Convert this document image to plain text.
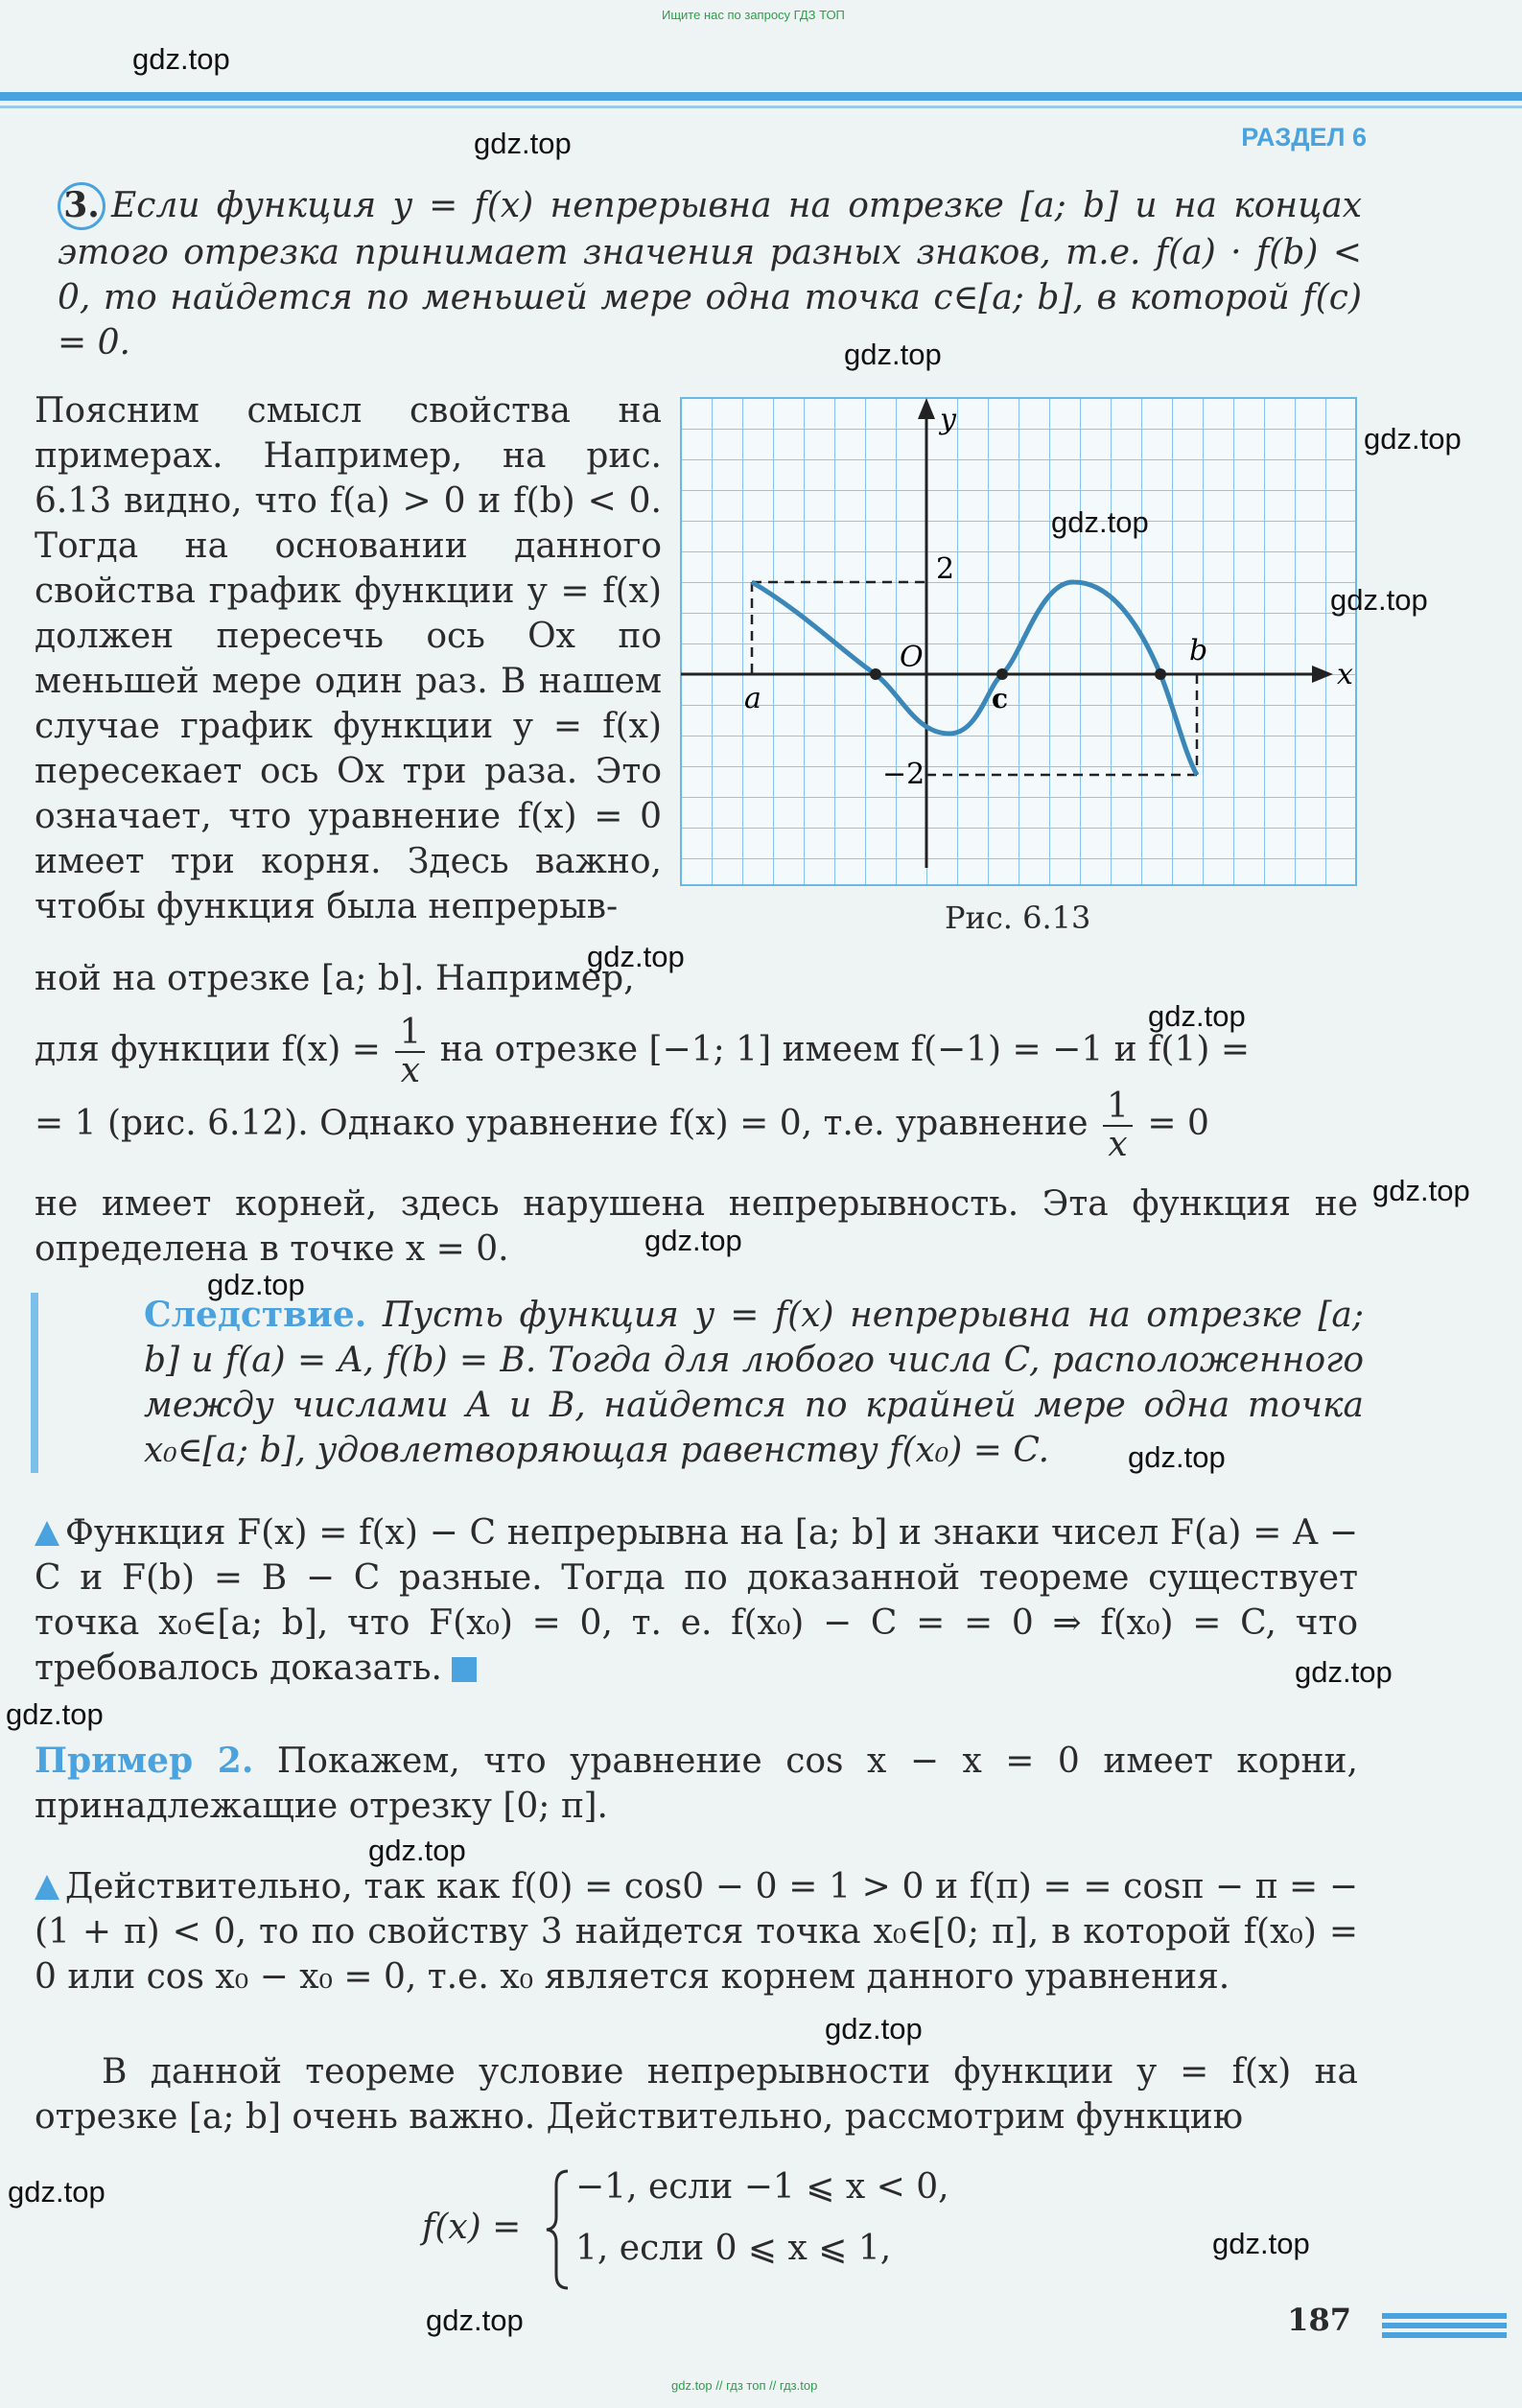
Ищите нас по запросу ГДЗ ТОП
РАЗДЕЛ 6
3. Если функция y = f(x) непрерывна на отрезке [a; b] и на концах этого отрезка принимает значения разных знаков, т.е. f(a) · f(b) < 0, то найдется по меньшей мере одна точка c∈[a; b], в которой f(c) = 0.
Поясним смысл свойства на примерах. Например, на рис. 6.13 видно, что f(a) > 0 и f(b) < 0. Тогда на основании данного свойства график функции y = f(x) должен пересечь ось Ox по меньшей мере один раз. В нашем случае график функции y = f(x) пересекает ось Ox три раза. Это означает, что уравнение f(x) = 0 имеет три корня. Здесь важно, чтобы функция была непрерыв-
y
x
O
a
b
c
2
−2
Рис. 6.13
ной на отрезке [a; b]. Например,
для функции $f(x) = \frac{1}{x}$ на отрезке [−1; 1] имеем f(−1) = −1 и f(1) =
= 1 (рис. 6.12). Однако уравнение f(x) = 0, т.е. уравнение $\frac{1}{x} = 0$
не имеет корней, здесь нарушена непрерывность. Эта функция не определена в точке x = 0.
Следствие. Пусть функция y = f(x) непрерывна на отрезке [a; b] и f(a) = A, f(b) = B. Тогда для любого числа C, расположенного между числами A и B, найдется по крайней мере одна точка x₀∈[a; b], удовлетворяющая равенству f(x₀) = C.
Функция F(x) = f(x) − C непрерывна на [a; b] и знаки чисел F(a) = A − C и F(b) = B − C разные. Тогда по доказанной теореме существует точка x₀∈[a; b], что F(x₀) = 0, т. е. f(x₀) − C = = 0 ⇒ f(x₀) = C, что требовалось доказать.
Пример 2. Покажем, что уравнение cos x − x = 0 имеет корни, принадлежащие отрезку [0; π].
Действительно, так как f(0) = cos0 − 0 = 1 > 0 и f(π) = = cosπ − π = − (1 + π) < 0, то по свойству 3 найдется точка x₀∈[0; π], в которой f(x₀) = 0 или cos x₀ − x₀ = 0, т.е. x₀ является корнем данного уравнения.
В данной теореме условие непрерывности функции y = f(x) на отрезке [a; b] очень важно. Действительно, рассмотрим функцию
f(x) =
−1, если −1 ⩽ x < 0,
1, если 0 ⩽ x ⩽ 1,
187
gdz.top // гдз топ // гдз.top
gdz.top
gdz.top
gdz.top
gdz.top
gdz.top
gdz.top
gdz.top
gdz.top
gdz.top
gdz.top
gdz.top
gdz.top
gdz.top
gdz.top
gdz.top
gdz.top
gdz.top
gdz.top
gdz.top
